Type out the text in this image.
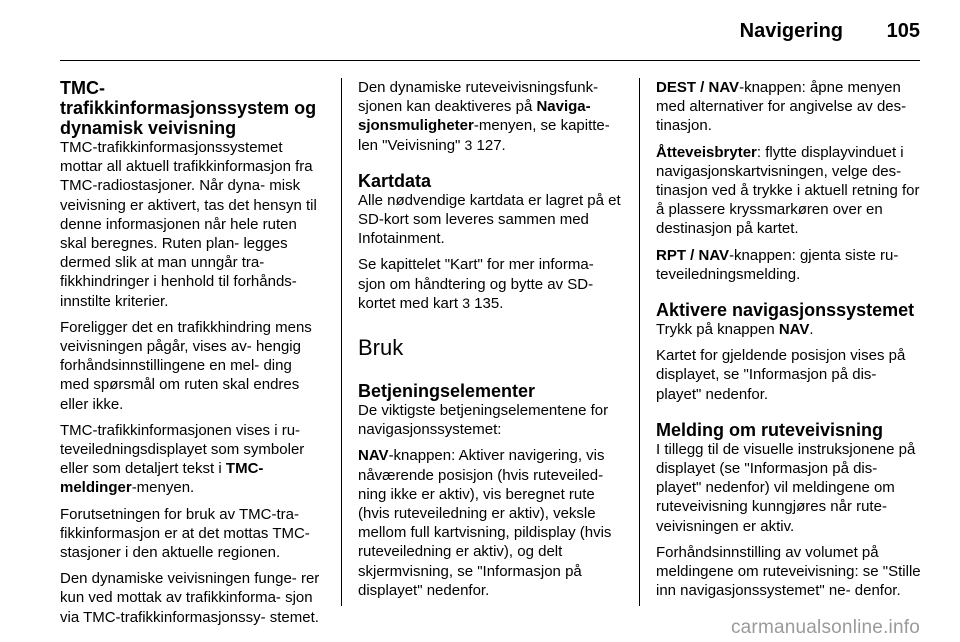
Navigering 105
TMC-trafikkinformasjonssystem og dynamisk veivisning

TMC-trafikkinformasjonssystemet mottar all aktuell trafikkinformasjon fra TMC-radiostasjoner. Når dyna- misk veivisning er aktivert, tas det hensyn til denne informasjonen når hele ruten skal beregnes. Ruten plan- legges dermed slik at man unngår tra- fikkhindringer i henhold til forhånds- innstilte kriterier.

Foreligger det en trafikkhindring mens veivisningen pågår, vises av- hengig forhåndsinnstillingene en mel- ding med spørsmål om ruten skal endres eller ikke.

TMC-trafikkinformasjonen vises i ru- teveiledningsdisplayet som symboler eller som detaljert tekst i TMC- meldinger-menyen.

Forutsetningen for bruk av TMC-tra- fikkinformasjon er at det mottas TMC- stasjoner i den aktuelle regionen.

Den dynamiske veivisningen funge- rer kun ved mottak av trafikkinforma- sjon via TMC-trafikkinformasjonssy- stemet.

Den dynamiske ruteveivisningsfunk- sjonen kan deaktiveres på Naviga- sjonsmuligheter-menyen, se kapitte- len "Veivisning" 3 127.

Kartdata

Alle nødvendige kartdata er lagret på et SD-kort som leveres sammen med Infotainment.

Se kapittelet "Kart" for mer informa- sjon om håndtering og bytte av SD- kortet med kart 3 135.

Bruk
Betjeningselementer

De viktigste betjeningselementene for navigasjonssystemet:

NAV-knappen: Aktiver navigering, vis nåværende posisjon (hvis ruteveiled- ning ikke er aktiv), vis beregnet rute (hvis ruteveiledning er aktiv), veksle mellom full kartvisning, pildisplay (hvis ruteveiledning er aktiv), og delt skjermvisning, se "Informasjon på displayet" nedenfor.

DEST / NAV-knappen: åpne menyen med alternativer for angivelse av des- tinasjon.

Åtteveisbryter: flytte displayvinduet i navigasjonskartvisningen, velge des- tinasjon ved å trykke i aktuell retning for å plassere kryssmarkøren over en destinasjon på kartet.

RPT / NAV-knappen: gjenta siste ru- teveiledningsmelding.

Aktivere navigasjonssystemet

Trykk på knappen NAV.

Kartet for gjeldende posisjon vises på displayet, se "Informasjon på dis- playet" nedenfor.

Melding om ruteveivisning

I tillegg til de visuelle instruksjonene på displayet (se "Informasjon på dis- playet" nedenfor) vil meldingene om ruteveivisning kunngjøres når rute- veivisningen er aktiv.

Forhåndsinnstilling av volumet på meldingene om ruteveivisning: se "Stille inn navigasjonssystemet" ne- denfor.

carmanualsonline.info
